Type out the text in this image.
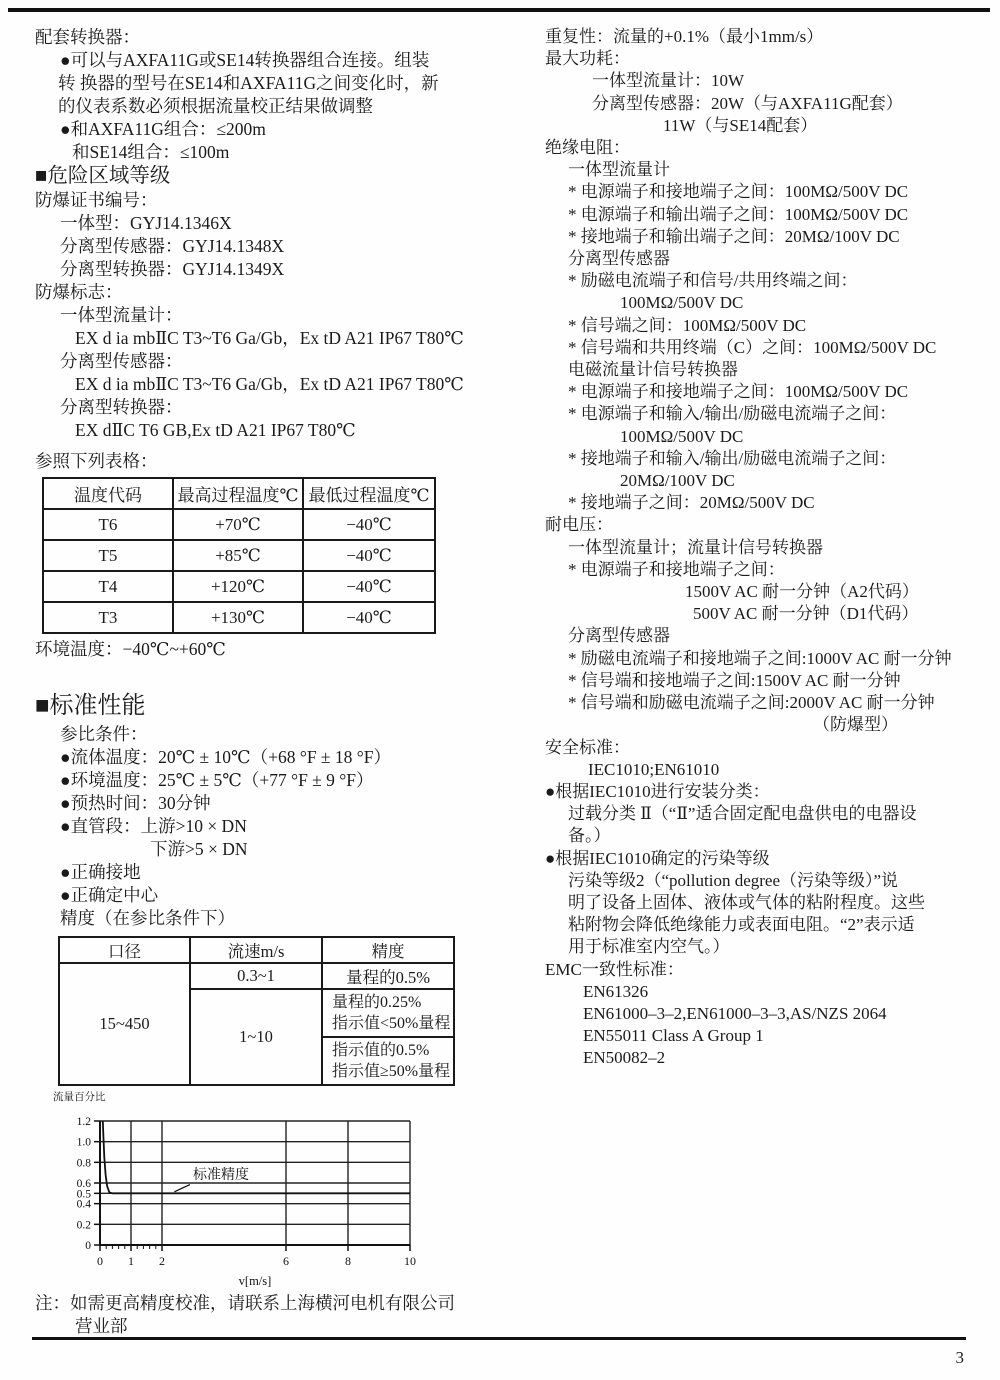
配套转换器：
●可以与AXFA11G或SE14转换器组合连接。组装
转 换器的型号在SE14和AXFA11G之间变化时，新
的仪表系数必须根据流量校正结果做调整
●和AXFA11G组合：≤200m
和SE14组合：≤100m
■危险区域等级
防爆证书编号：
一体型：GYJ14.1346X
分离型传感器：GYJ14.1348X
分离型转换器：GYJ14.1349X
防爆标志：
一体型流量计：
EX d ia mbⅡC T3~T6 Ga/Gb，Ex tD A21 IP67 T80℃
分离型传感器：
EX d ia mbⅡC T3~T6 Ga/Gb，Ex tD A21 IP67 T80℃
分离型转换器：
EX dⅡC T6 GB,Ex tD A21 IP67 T80℃
参照下列表格：
温度代码	最高过程温度℃	最低过程温度℃
T6	+70℃	−40℃
T5	+85℃	−40℃
T4	+120℃	−40℃
T3	+130℃	−40℃
环境温度：−40℃~+60℃
■标准性能
参比条件：
●流体温度：20℃ ± 10℃（+68 °F ± 18 °F）
●环境温度：25℃ ± 5℃（+77 °F ± 9 °F）
●预热时间：30分钟
●直管段：上游>10 × DN
下游>5 × DN
●正确接地
●正确定中心
精度（在参比条件下）
口径	流速m/s	精度
15~450	0.3~1	量程的0.5%
	1~10	量程的0.25%
指示值<50%量程

		指示值的0.5%
指示值≥50%量程
0
0.2
0.4
0.5
0.6
0.8
1.0
1.2
0 1 2	6	8	10
标准精度
流量百分比
v[m/s]
注：如需更高精度校准，请联系上海横河电机有限公司
营业部
重复性：流量的+0.1%（最小1mm/s）
最大功耗：
一体型流量计：10W
分离型传感器：20W（与AXFA11G配套）
11W（与SE14配套）
绝缘电阻：
一体型流量计
* 电源端子和接地端子之间：100MΩ/500V DC
* 电源端子和输出端子之间：100MΩ/500V DC
* 接地端子和输出端子之间：20MΩ/100V DC
分离型传感器
* 励磁电流端子和信号/共用终端之间：
100MΩ/500V DC
* 信号端之间：100MΩ/500V DC
* 信号端和共用终端（C）之间：100MΩ/500V DC
电磁流量计信号转换器
* 电源端子和接地端子之间：100MΩ/500V DC
* 电源端子和输入/输出/励磁电流端子之间：
100MΩ/500V DC
* 接地端子和输入/输出/励磁电流端子之间：
20MΩ/100V DC
* 接地端子之间：20MΩ/500V DC
耐电压：
一体型流量计；流量计信号转换器
* 电源端子和接地端子之间：
1500V AC 耐一分钟（A2代码）
500V AC 耐一分钟（D1代码）
分离型传感器
* 励磁电流端子和接地端子之间:1000V AC 耐一分钟
* 信号端和接地端子之间:1500V AC 耐一分钟
* 信号端和励磁电流端子之间:2000V AC 耐一分钟
（防爆型）
安全标准：
IEC1010;EN61010
●根据IEC1010进行安装分类：
过载分类 Ⅱ（“Ⅱ”适合固定配电盘供电的电器设
备。）
●根据IEC1010确定的污染等级
污染等级2（“pollution degree（污染等级）”说
明了设备上固体、液体或气体的粘附程度。这些
粘附物会降低绝缘能力或表面电阻。“2”表示适
用于标准室内空气。）
EMC一致性标准：
EN61326
EN61000–3–2,EN61000–3–3,AS/NZS 2064
EN55011 Class A Group 1
EN50082–2
3
